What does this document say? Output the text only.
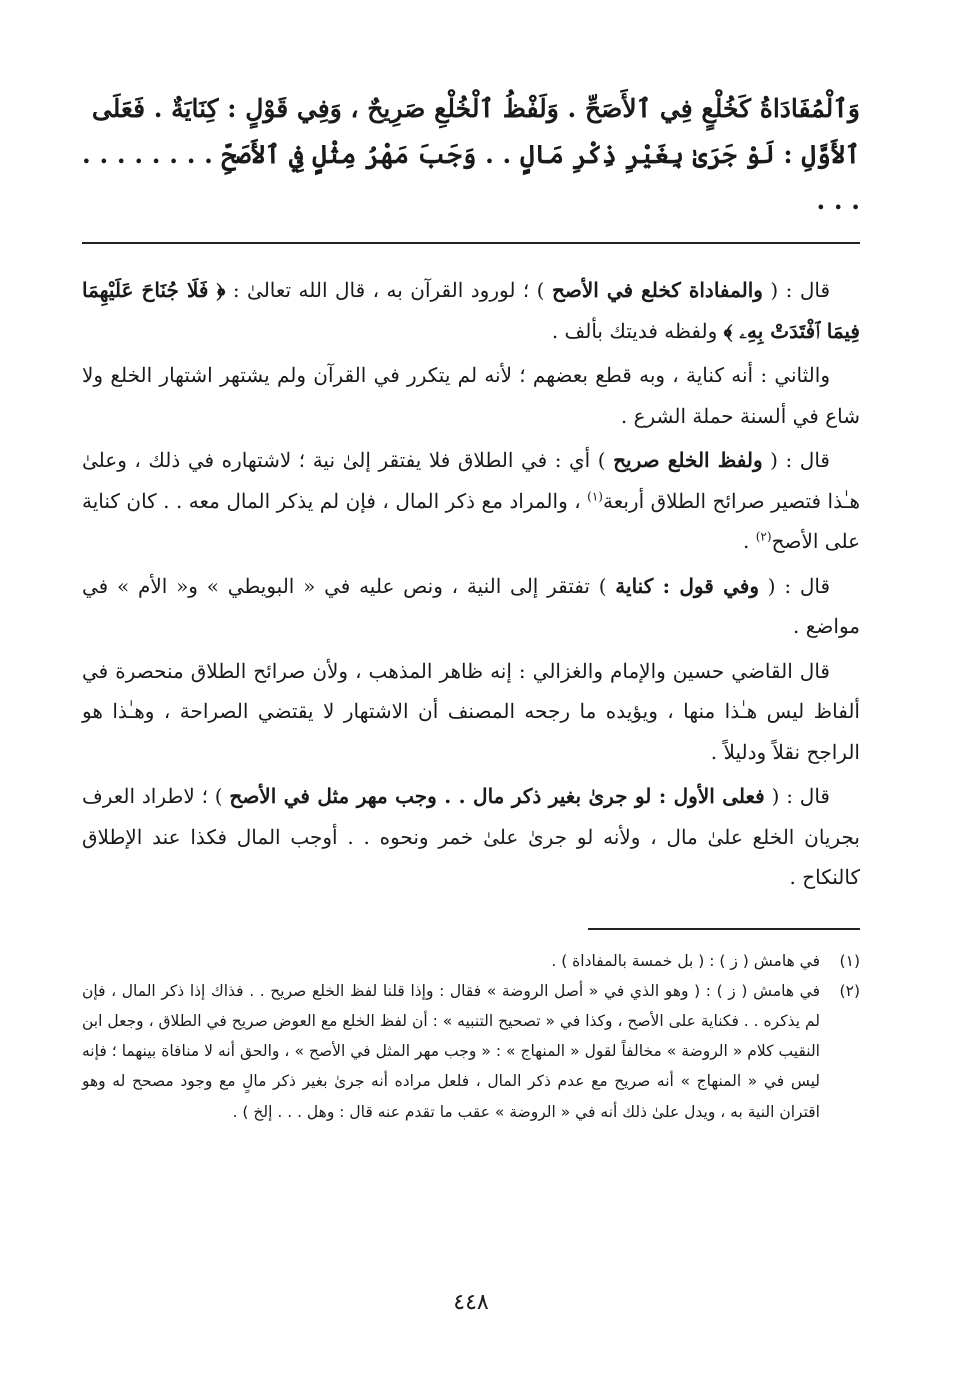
وَٱلْمُفَادَاةُ كَخُلْعٍ فِي ٱلأَصَحِّ . وَلَفْظُ ٱلْخُلْعِ صَرِيحٌ ، وَفِي قَوْلٍ : كِنَايَةٌ . فَعَلَى
ٱلأَوَّلِ : لَوْ جَرَىٰ بِغَيْرِ ذِكْرِ مَالٍ . . وَجَبَ مَهْرُ مِثْلٍ فِي ٱلأَصَحِّ . . . . . . . . . . .

قال : ( والمفاداة كخلع في الأصح ) ؛ لورود القرآن به ، قال الله تعالىٰ : ﴿ فَلَا جُنَاحَ عَلَيْهِمَا فِيمَا ٱفْتَدَتْ بِهِۦ ﴾ ولفظه فديتك بألف .

والثاني : أنه كناية ، وبه قطع بعضهم ؛ لأنه لم يتكرر في القرآن ولم يشتهر اشتهار الخلع ولا شاع في ألسنة حملة الشرع .

قال : ( ولفظ الخلع صريح ) أي : في الطلاق فلا يفتقر إلىٰ نية ؛ لاشتهاره في ذلك ، وعلىٰ هـٰذا فتصير صرائح الطلاق أربعة$^{(١)}$ ، والمراد مع ذكر المال ، فإن لم يذكر المال معه . . كان كناية على الأصح$^{(٢)}$ .

قال : ( وفي قول : كناية ) تفتقر إلى النية ، ونص عليه في « البويطي » و« الأم » في مواضع .

قال القاضي حسين والإمام والغزالي : إنه ظاهر المذهب ، ولأن صرائح الطلاق منحصرة في ألفاظ ليس هـٰذا منها ، ويؤيده ما رجحه المصنف أن الاشتهار لا يقتضي الصراحة ، وهـٰذا هو الراجح نقلاً ودليلاً .

قال : ( فعلى الأول : لو جرىٰ بغير ذكر مال . . وجب مهر مثل في الأصح ) ؛ لاطراد العرف بجريان الخلع علىٰ مال ، ولأنه لو جرىٰ علىٰ خمر ونحوه . . أوجب المال فكذا عند الإطلاق كالنكاح .

(١)
في هامش ( ز ) : ( بل خمسة بالمفاداة ) .
(٢)
في هامش ( ز ) : ( وهو الذي في « أصل الروضة » فقال : وإذا قلنا لفظ الخلع صريح . . فذاك إذا ذكر المال ، فإن لم يذكره . . فكناية على الأصح ، وكذا في « تصحيح التنبيه » : أن لفظ الخلع مع العوض صريح في الطلاق ، وجعل ابن النقيب كلام « الروضة » مخالفاً لقول « المنهاج » : « وجب مهر المثل في الأصح » ، والحق أنه لا منافاة بينهما ؛ فإنه ليس في « المنهاج » أنه صريح مع عدم ذكر المال ، فلعل مراده أنه جرىٰ بغير ذكر مالٍ مع وجود مصحح له وهو اقتران النية به ، ويدل علىٰ ذلك أنه في « الروضة » عقب ما تقدم عنه قال : وهل . . . إلخ ) .
٤٤٨
